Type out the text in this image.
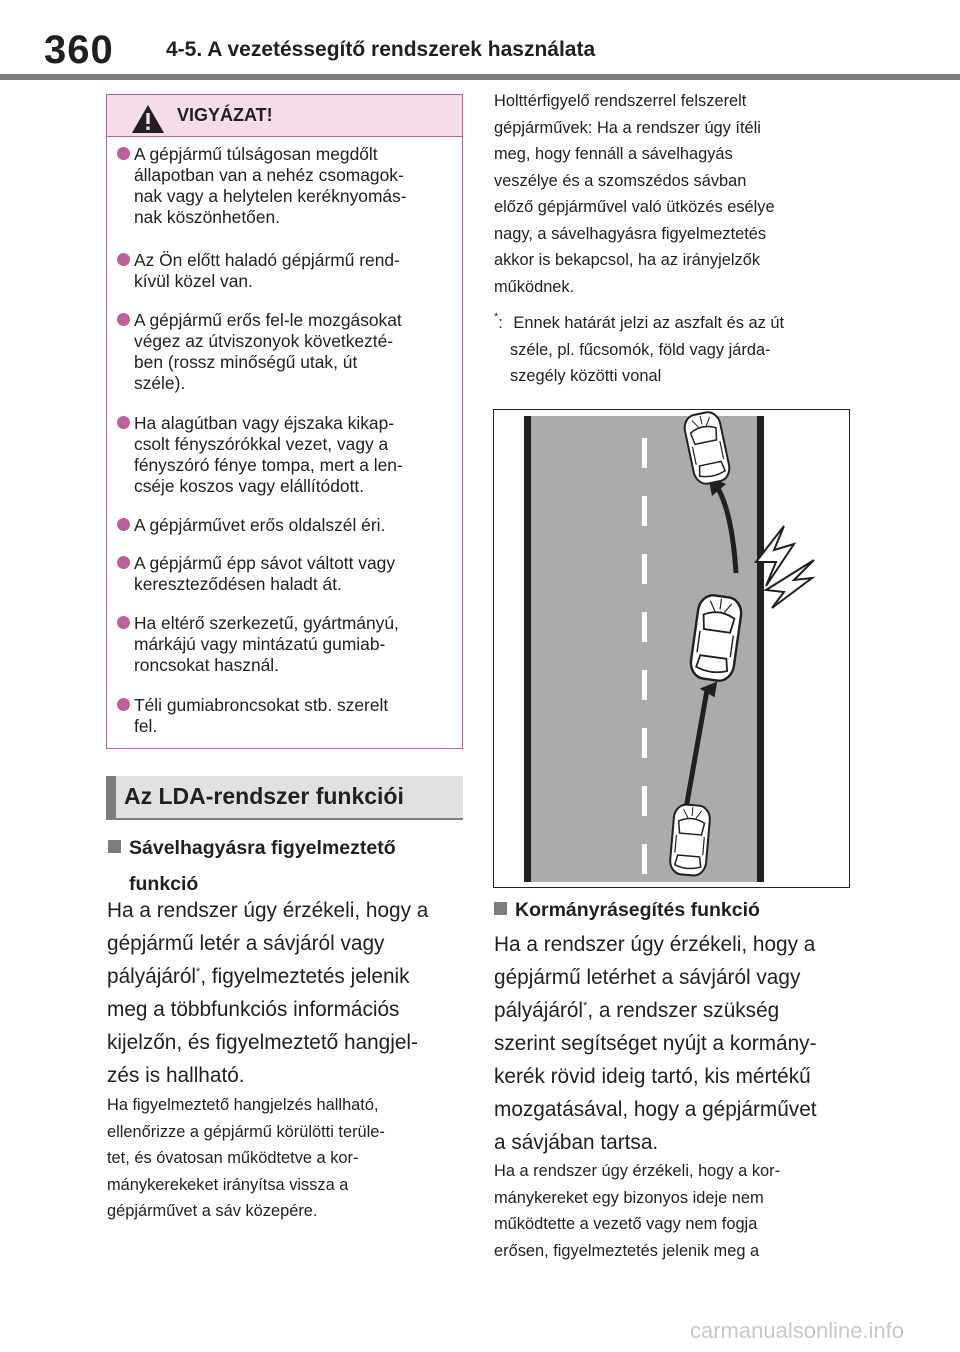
360 4-5. A vezetéssegítő rendszerek használata
VIGYÁZAT!
A gépjármű túlságosan megdőlt
állapotban van a nehéz csomagok-
nak vagy a helytelen keréknyomás-
nak köszönhetően.
Az Ön előtt haladó gépjármű rend-
kívül közel van.
A gépjármű erős fel-le mozgásokat
végez az útviszonyok következté-
ben (rossz minőségű utak, út
széle).
Ha alagútban vagy éjszaka kikap-
csolt fényszórókkal vezet, vagy a
fényszóró fénye tompa, mert a len-
cséje koszos vagy elállítódott.
A gépjárművet erős oldalszél éri.
A gépjármű épp sávot váltott vagy
kereszteződésen haladt át.
Ha eltérő szerkezetű, gyártmányú,
márkájú vagy mintázatú gumiab-
roncsokat használ.
Téli gumiabroncsokat stb. szerelt
fel.
Az LDA-rendszer funkciói
Sávelhagyásra figyelmeztető
funkció
Ha a rendszer úgy érzékeli, hogy a
gépjármű letér a sávjáról vagy
pályájáról*, figyelmeztetés jelenik
meg a többfunkciós információs
kijelzőn, és figyelmeztető hangjel-
zés is hallható.
Ha figyelmeztető hangjelzés hallható,
ellenőrizze a gépjármű körülötti terüle-
tet, és óvatosan működtetve a kor-
mánykerekeket irányítsa vissza a
gépjárművet a sáv közepére.
Holttérfigyelő rendszerrel felszerelt
gépjárművek: Ha a rendszer úgy ítéli
meg, hogy fennáll a sávelhagyás
veszélye és a szomszédos sávban
előző gépjárművel való ütközés esélye
nagy, a sávelhagyásra figyelmeztetés
akkor is bekapcsol, ha az irányjelzők
működnek.
*: Ennek határát jelzi az aszfalt és az út
széle, pl. fűcsomók, föld vagy járda-
szegély közötti vonal
Kormányrásegítés funkció
Ha a rendszer úgy érzékeli, hogy a
gépjármű letérhet a sávjáról vagy
pályájáról*, a rendszer szükség
szerint segítséget nyújt a kormány-
kerék rövid ideig tartó, kis mértékű
mozgatásával, hogy a gépjárművet
a sávjában tartsa.
Ha a rendszer úgy érzékeli, hogy a kor-
mánykereket egy bizonyos ideje nem
működtette a vezető vagy nem fogja
erősen, figyelmeztetés jelenik meg a
carmanualsonline.info
